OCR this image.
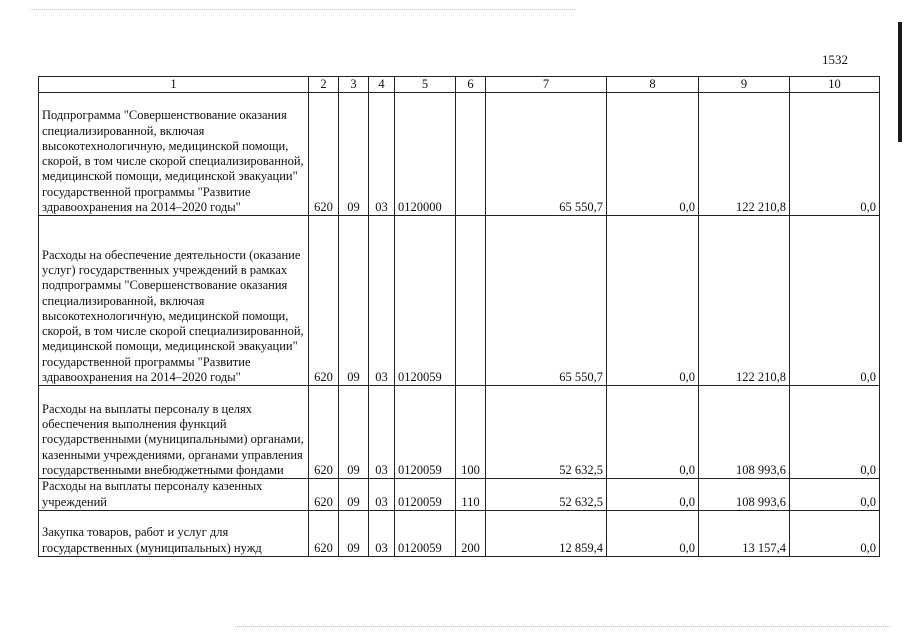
1532
1	2	3	4	5	6	7	8	9	10
Подпрограмма "Совершенствование оказания специализированной, включая высокотехнологичную, медицинской помощи, скорой, в том числе скорой специализированной, медицинской помощи, медицинской эвакуации" государственной программы "Развитие здравоохранения на 2014–2020 годы"	620	09	03	0120000		65 550,7	0,0	122 210,8	0,0
Расходы на обеспечение деятельности (оказание услуг) государственных учреждений в рамках подпрограммы "Совершенствование оказания специализированной, включая высокотехнологичную, медицинской помощи, скорой, в том числе скорой специализированной, медицинской помощи, медицинской эвакуации" государственной программы "Развитие здравоохранения на 2014–2020 годы"	620	09	03	0120059		65 550,7	0,0	122 210,8	0,0
Расходы на выплаты персоналу в целях обеспечения выполнения функций государственными (муниципальными) органами, казенными учреждениями, органами управления государственными внебюджетными фондами	620	09	03	0120059	100	52 632,5	0,0	108 993,6	0,0
Расходы на выплаты персоналу казенных учреждений	620	09	03	0120059	110	52 632,5	0,0	108 993,6	0,0
Закупка товаров, работ и услуг для государственных (муниципальных) нужд	620	09	03	0120059	200	12 859,4	0,0	13 157,4	0,0
